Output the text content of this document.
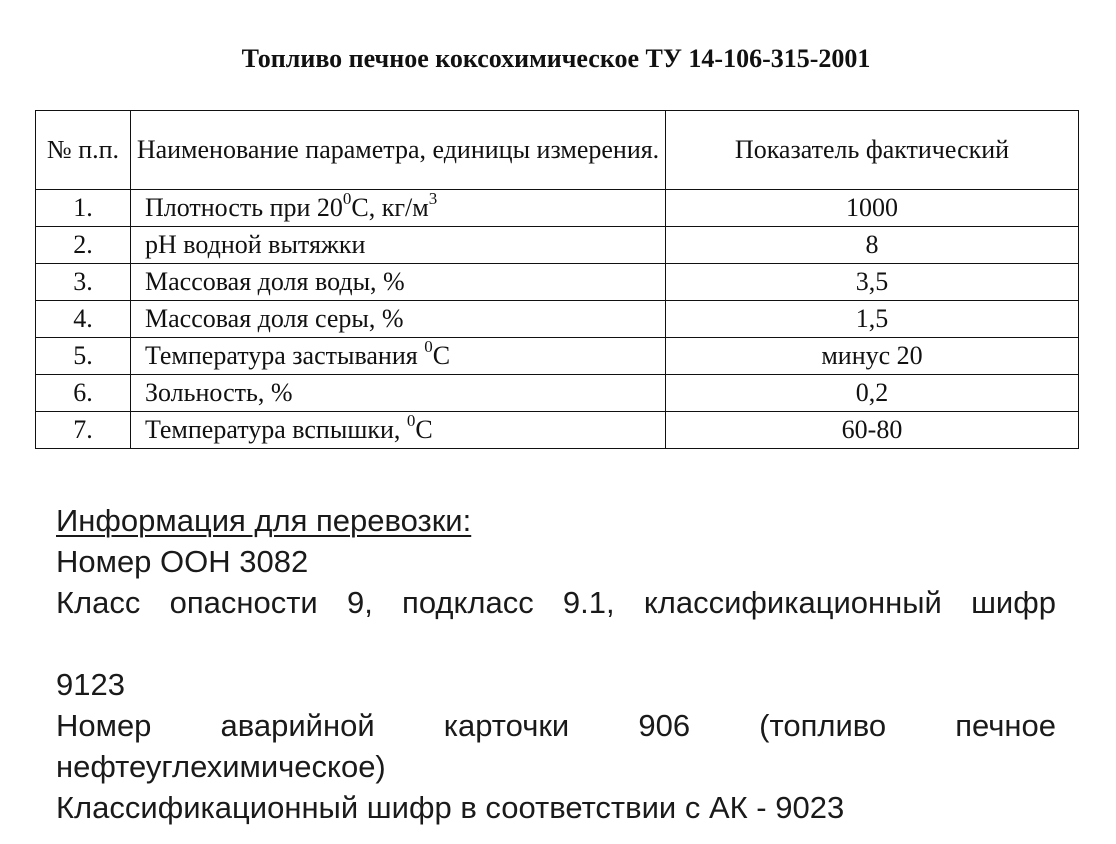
Топливо печное коксохимическое ТУ 14-106-315-2001
№ п.п.	Наименование параметра, единицы измерения.	Показатель фактический
1.	Плотность при $20^0С$, $кг/м^3$	1000
2.	рН водной вытяжки	8
3.	Массовая доля воды, %	3,5
4.	Массовая доля серы, %	1,5
5.	Температура застывания $^0$С	минус 20
6.	Зольность, %	0,2
7.	Температура вспышки, $^0$С	60-80
Информация для перевозки:
Номер ООН 3082
Класс опасности 9, подкласс 9.1, классификационный шифр
9123
Номер аварийной карточки 906 (топливо печное
нефтеуглехимическое)
Классификационный шифр в соответствии с АК - 9023
